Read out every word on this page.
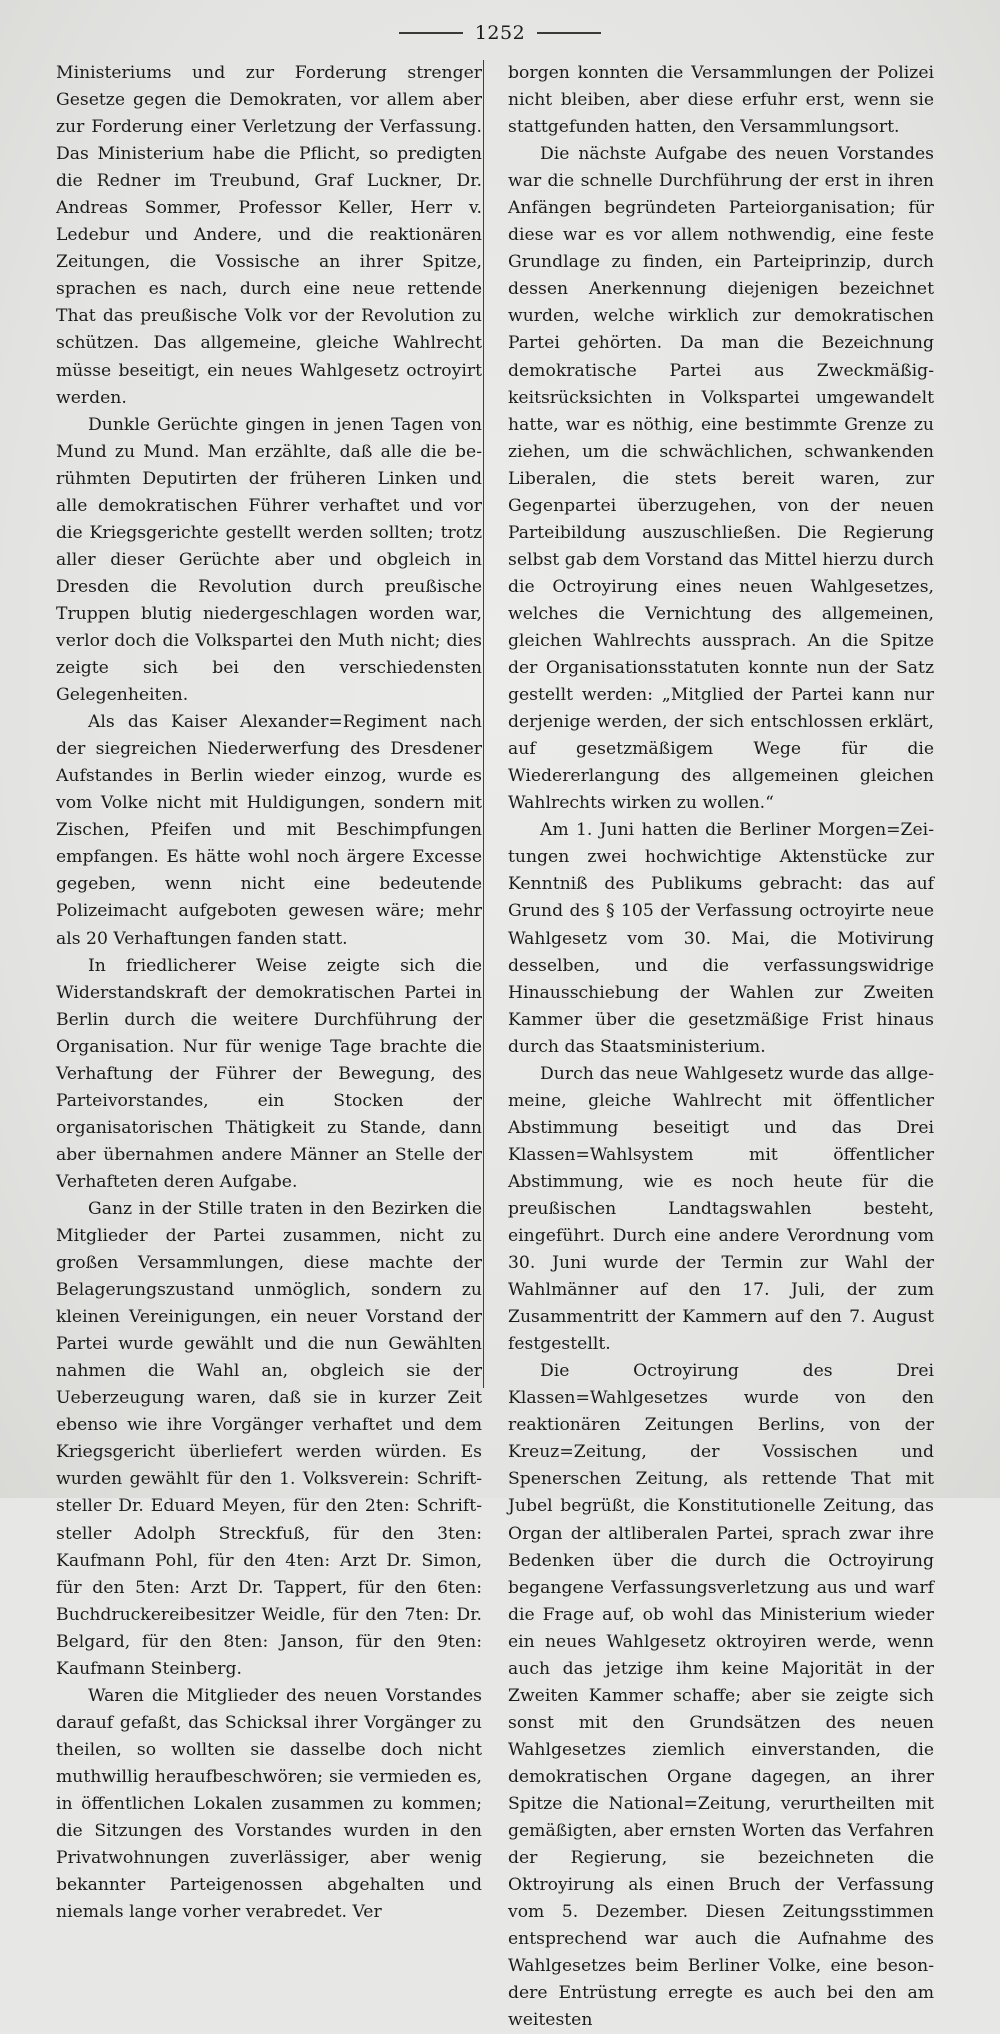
1252

Ministeriums und zur Forderung strenger Gesetze gegen die Demokraten, vor allem aber zur Forderung einer Verletzung der Verfassung. Das Ministerium habe die Pflicht, so predigten die Redner im Treubund, Graf Luckner, Dr. Andreas Sommer, Professor Keller, Herr v. Ledebur und Andere, und die reaktionären Zeitungen, die Vossische an ihrer Spitze, sprachen es nach, durch eine neue rettende That das preußische Volk vor der Revolution zu schützen. Das allgemeine, gleiche Wahlrecht müsse beseitigt, ein neues Wahlgesetz octroyirt werden.

Dunkle Gerüchte gingen in jenen Tagen von Mund zu Mund. Man erzählte, daß alle die berühmten Deputirten der früheren Linken und alle demokratischen Führer verhaftet und vor die Kriegsgerichte gestellt werden sollten; trotz aller dieser Gerüchte aber und obgleich in Dresden die Revolution durch preußische Truppen blutig niedergeschlagen worden war, verlor doch die Volkspartei den Muth nicht; dies zeigte sich bei den verschiedensten Gelegenheiten.

Als das Kaiser Alexander=Regiment nach der siegreichen Niederwerfung des Dresdener Aufstandes in Berlin wieder einzog, wurde es vom Volke nicht mit Huldigungen, sondern mit Zischen, Pfeifen und mit Beschimpfungen empfangen. Es hätte wohl noch ärgere Excesse gegeben, wenn nicht eine bedeutende Polizeimacht aufgeboten gewesen wäre; mehr als 20 Verhaftungen fanden statt.

In friedlicherer Weise zeigte sich die Widerstandskraft der demokratischen Partei in Berlin durch die weitere Durchführung der Organisation. Nur für wenige Tage brachte die Verhaftung der Führer der Bewegung, des Parteivorstandes, ein Stocken der organisatorischen Thätigkeit zu Stande, dann aber übernahmen andere Männer an Stelle der Verhafteten deren Aufgabe.

Ganz in der Stille traten in den Bezirken die Mitglieder der Partei zusammen, nicht zu großen Versammlungen, diese machte der Belagerungszustand unmöglich, sondern zu kleinen Vereinigungen, ein neuer Vorstand der Partei wurde gewählt und die nun Gewählten nahmen die Wahl an, obgleich sie der Ueberzeugung waren, daß sie in kurzer Zeit ebenso wie ihre Vorgänger verhaftet und dem Kriegsgericht überliefert werden würden. Es wurden gewählt für den 1. Volksverein: Schriftsteller Dr. Eduard Meyen, für den 2ten: Schriftsteller Adolph Streckfuß, für den 3ten: Kaufmann Pohl, für den 4ten: Arzt Dr. Simon, für den 5ten: Arzt Dr. Tappert, für den 6ten: Buchdruckereibesitzer Weidle, für den 7ten: Dr. Belgard, für den 8ten: Janson, für den 9ten: Kaufmann Steinberg.

Waren die Mitglieder des neuen Vorstandes darauf gefaßt, das Schicksal ihrer Vorgänger zu theilen, so wollten sie dasselbe doch nicht muthwillig heraufbeschwören; sie vermieden es, in öffentlichen Lokalen zusammen zu kommen; die Sitzungen des Vorstandes wurden in den Privatwohnungen zuverlässiger, aber wenig bekannter Parteigenossen abgehalten und niemals lange vorher verabredet. Ver

borgen konnten die Versammlungen der Polizei nicht bleiben, aber diese erfuhr erst, wenn sie stattgefunden hatten, den Versammlungsort.

Die nächste Aufgabe des neuen Vorstandes war die schnelle Durchführung der erst in ihren Anfängen begründeten Parteiorganisation; für diese war es vor allem nothwendig, eine feste Grundlage zu finden, ein Parteiprinzip, durch dessen Anerkennung diejenigen bezeichnet wurden, welche wirklich zur demokratischen Partei gehörten. Da man die Bezeichnung demokratische Partei aus Zweckmäßigkeitsrücksichten in Volkspartei umgewandelt hatte, war es nöthig, eine bestimmte Grenze zu ziehen, um die schwächlichen, schwankenden Liberalen, die stets bereit waren, zur Gegenpartei überzugehen, von der neuen Parteibildung auszuschließen. Die Regierung selbst gab dem Vorstand das Mittel hierzu durch die Octroyirung eines neuen Wahlgesetzes, welches die Vernichtung des allgemeinen, gleichen Wahlrechts aussprach. An die Spitze der Organisationsstatuten konnte nun der Satz gestellt werden: „Mitglied der Partei kann nur derjenige werden, der sich entschlossen erklärt, auf gesetzmäßigem Wege für die Wiedererlangung des allgemeinen gleichen Wahlrechts wirken zu wollen.“

Am 1. Juni hatten die Berliner Morgen=Zeitungen zwei hochwichtige Aktenstücke zur Kenntniß des Publikums gebracht: das auf Grund des § 105 der Verfassung octroyirte neue Wahlgesetz vom 30. Mai, die Motivirung desselben, und die verfassungswidrige Hinausschiebung der Wahlen zur Zweiten Kammer über die gesetzmäßige Frist hinaus durch das Staatsministerium.

Durch das neue Wahlgesetz wurde das allgemeine, gleiche Wahlrecht mit öffentlicher Abstimmung beseitigt und das Drei Klassen=Wahlsystem mit öffentlicher Abstimmung, wie es noch heute für die preußischen Landtagswahlen besteht, eingeführt. Durch eine andere Verordnung vom 30. Juni wurde der Termin zur Wahl der Wahlmänner auf den 17. Juli, der zum Zusammentritt der Kammern auf den 7. August festgestellt.

Die Octroyirung des Drei Klassen=Wahlgesetzes wurde von den reaktionären Zeitungen Berlins, von der Kreuz=Zeitung, der Vossischen und Spenerschen Zeitung, als rettende That mit Jubel begrüßt, die Konstitutionelle Zeitung, das Organ der altliberalen Partei, sprach zwar ihre Bedenken über die durch die Octroyirung begangene Verfassungsverletzung aus und warf die Frage auf, ob wohl das Ministerium wieder ein neues Wahlgesetz oktroyiren werde, wenn auch das jetzige ihm keine Majorität in der Zweiten Kammer schaffe; aber sie zeigte sich sonst mit den Grundsätzen des neuen Wahlgesetzes ziemlich einverstanden, die demokratischen Organe dagegen, an ihrer Spitze die National=Zeitung, verurtheilten mit gemäßigten, aber ernsten Worten das Verfahren der Regierung, sie bezeichneten die Oktroyirung als einen Bruch der Verfassung vom 5. Dezember. Diesen Zeitungsstimmen entsprechend war auch die Aufnahme des Wahlgesetzes beim Berliner Volke, eine besondere Entrüstung erregte es auch bei den am weitesten
